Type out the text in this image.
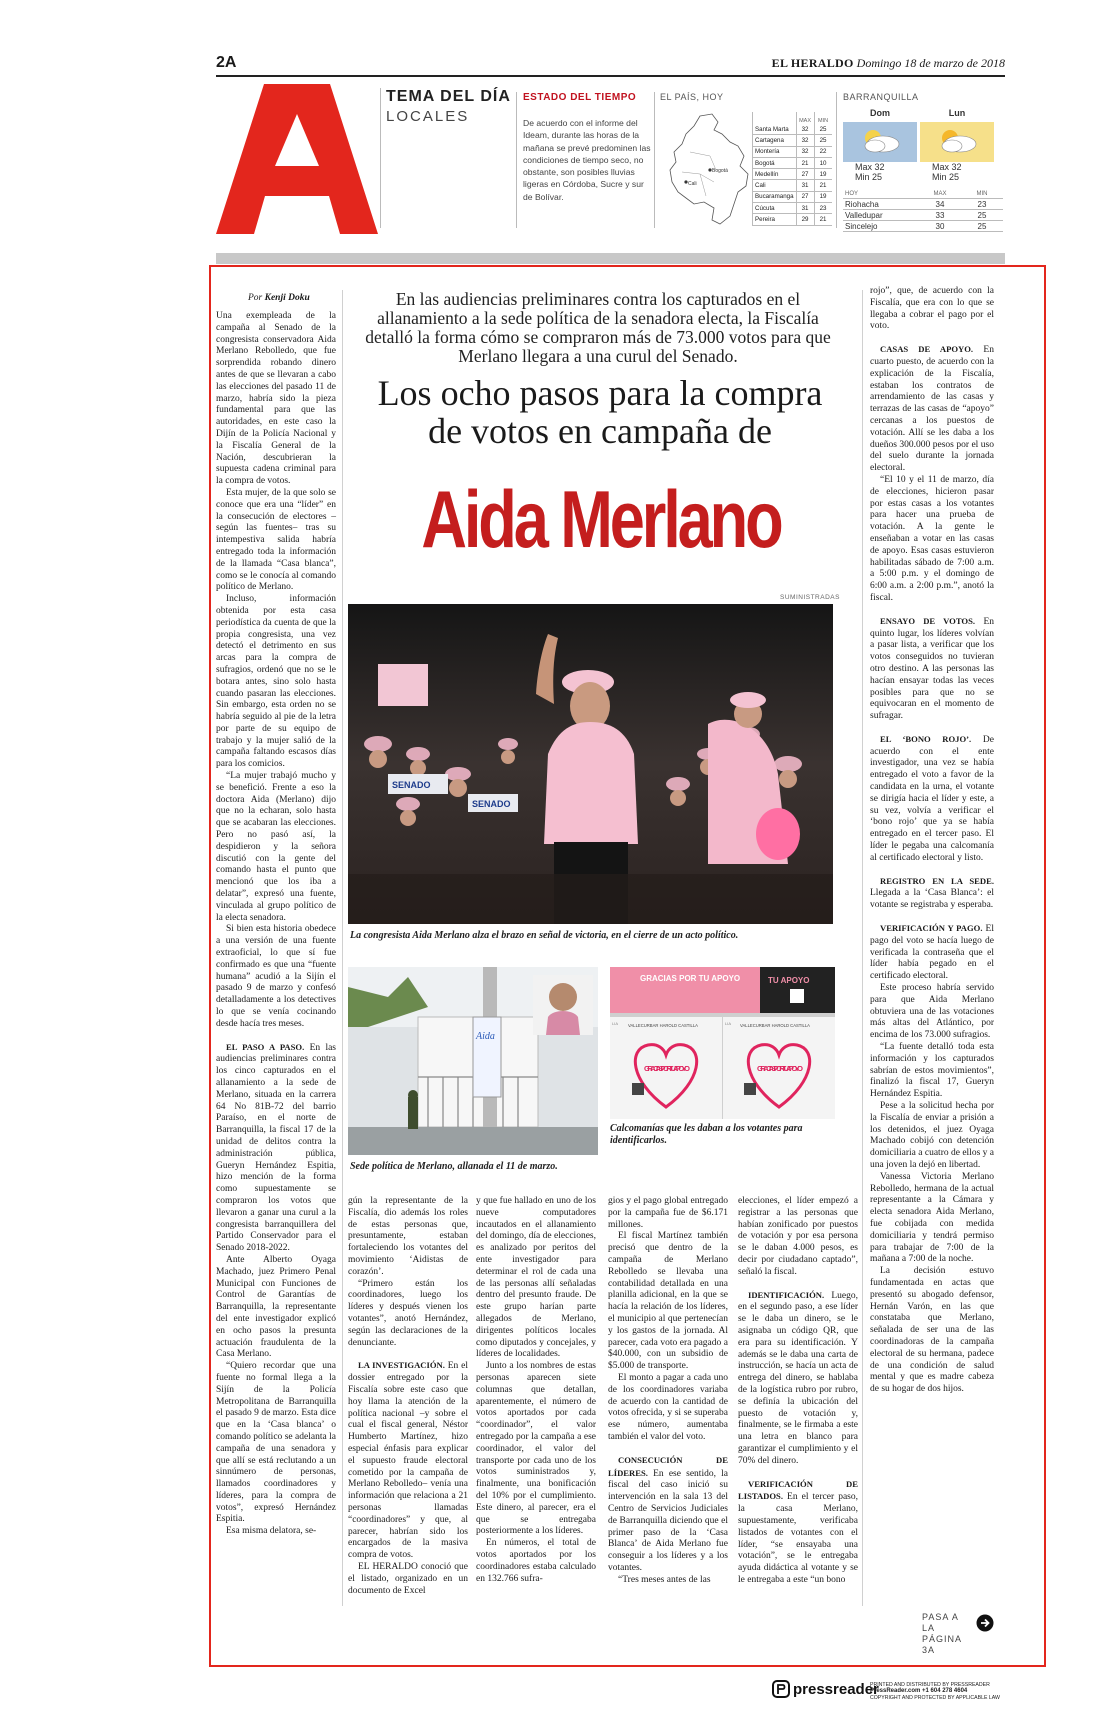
2A	EL HERALDO Domingo 18 de marzo de 2018
A
TEMA DEL DÍA
LOCALES
ESTADO DEL TIEMPO

De acuerdo con el informe del Ideam, durante las horas de la mañana se prevé predominen las condiciones de tiempo seco, no obstante, son posibles lluvias ligeras en Córdoba, Sucre y sur de Bolívar.

EL PAÍS, HOY
Bogotá
Cali
	MAX	MIN
Santa Marta	32	25
Cartagena	32	25
Montería	32	22
Bogotá	21	10
Medellín	27	19
Cali	31	21
Bucaramanga	27	19
Cúcuta	31	23
Pereira	29	21
BARRANQUILLA
Dom
Max 32
Min 25
Lun
Max 32
Min 25
HOY	MAX	MIN
Riohacha	34	23
Valledupar	33	25
Sincelejo	30	25
Por Kenji Doku	En las audiencias preliminares contra los capturados en el allanamiento a la sede política de la senadora electa, la Fiscalía detalló la forma cómo se compraron más de 73.000 votos para que Merlano llegara a una curul del Senado.
Los ocho pasos para la compra
de votos en campaña de
Aida Merlano
SUMINISTRADAS
SENADO
SENADO
La congresista Aida Merlano alza el brazo en señal de victoria, en el cierre de un acto político.
Aida
Sede política de Merlano, allanada el 11 de marzo.
GRACIAS POR TU APOYO	TU APOYO
VALLECURBAR HAROLD CASTILLA	VALLECURBAR HAROLD CASTILLA
LIA	LIA
GRACIAS POR TU APOYO	GRACIAS POR TU APOYO
Calcomanías que les daban a los votantes para identificarlos.

Una exempleada de la campaña al Senado de la congresista conservadora Aida Merlano Rebolledo, que fue sorprendida robando dinero antes de que se llevaran a cabo las elecciones del pasado 11 de marzo, habría sido la pieza fundamental para que las autoridades, en este caso la Dijín de la Policía Nacional y la Fiscalía General de la Nación, descubrieran la supuesta cadena criminal para la compra de votos.

Esta mujer, de la que solo se conoce que era una “líder” en la consecución de electores –según las fuentes– tras su intempestiva salida habría entregado toda la información de la llamada “Casa blanca”, como se le conocía al comando político de Merlano.

Incluso, información obtenida por esta casa periodística da cuenta de que la propia congresista, una vez detectó el detrimento en sus arcas para la compra de sufragios, ordenó que no se le botara antes, sino solo hasta cuando pasaran las elecciones. Sin embargo, esta orden no se habría seguido al pie de la letra por parte de su equipo de trabajo y la mujer salió de la campaña faltando escasos días para los comicios.

“La mujer trabajó mucho y se benefició. Frente a eso la doctora Aida (Merlano) dijo que no la echaran, solo hasta que se acabaran las elecciones. Pero no pasó así, la despidieron y la señora discutió con la gente del comando hasta el punto que mencionó que los iba a delatar”, expresó una fuente, vinculada al grupo político de la electa senadora.

Si bien esta historia obedece a una versión de una fuente extraoficial, lo que sí fue confirmado es que una “fuente humana” acudió a la Sijín el pasado 9 de marzo y confesó detalladamente a los detectives lo que se venía cocinando desde hacía tres meses.

EL PASO A PASO. En las audiencias preliminares contra los cinco capturados en el allanamiento a la sede de Merlano, situada en la carrera 64 No 81B-72 del barrio Paraíso, en el norte de Barranquilla, la fiscal 17 de la unidad de delitos contra la administración pública, Gueryn Hernández Espitia, hizo mención de la forma como supuestamente se compraron los votos que llevaron a ganar una curul a la congresista barranquillera del Partido Conservador para el Senado 2018-2022.

Ante Alberto Oyaga Machado, juez Primero Penal Municipal con Funciones de Control de Garantías de Barranquilla, la representante del ente investigador explicó en ocho pasos la presunta actuación fraudulenta de la Casa Merlano.

“Quiero recordar que una fuente no formal llega a la Sijín de la Policía Metropolitana de Barranquilla el pasado 9 de marzo. Esta dice que en la ‘Casa blanca’ o comando político se adelanta la campaña de una senadora y que allí se está reclutando a un sinnúmero de personas, llamados coordinadores y líderes, para la compra de votos”, expresó Hernández Espitia.

Esa misma delatora, se-

gún la representante de la Fiscalía, dio además los roles de estas personas que, presuntamente, estaban fortaleciendo los votantes del movimiento ‘Aidistas de corazón’.

“Primero están los coordinadores, luego los líderes y después vienen los votantes”, anotó Hernández, según las declaraciones de la denunciante.

LA INVESTIGACIÓN. En el dossier entregado por la Fiscalía sobre este caso que hoy llama la atención de la política nacional –y sobre el cual el fiscal general, Néstor Humberto Martínez, hizo especial énfasis para explicar el supuesto fraude electoral cometido por la campaña de Merlano Rebolledo– venía una información que relaciona a 21 personas llamadas “coordinadores” y que, al parecer, habrían sido los encargados de la masiva compra de votos.

EL HERALDO conoció que el listado, organizado en un documento de Excel

y que fue hallado en uno de los nueve computadores incautados en el allanamiento del domingo, día de elecciones, es analizado por peritos del ente investigador para determinar el rol de cada una de las personas allí señaladas dentro del presunto fraude. De este grupo harían parte allegados de Merlano, dirigentes políticos locales como diputados y concejales, y líderes de localidades.

Junto a los nombres de estas personas aparecen siete columnas que detallan, aparentemente, el número de votos aportados por cada “coordinador”, el valor entregado por la campaña a ese coordinador, el valor del transporte por cada uno de los votos suministrados y, finalmente, una bonificación del 10% por el cumplimiento. Este dinero, al parecer, era el que se entregaba posteriormente a los líderes.

En números, el total de votos aportados por los coordinadores estaba calculado en 132.766 sufra-

gios y el pago global entregado por la campaña fue de $6.171 millones.

El fiscal Martínez también precisó que dentro de la campaña de Merlano Rebolledo se llevaba una contabilidad detallada en una planilla adicional, en la que se hacía la relación de los líderes, el municipio al que pertenecían y los gastos de la jornada. Al parecer, cada voto era pagado a $40.000, con un subsidio de $5.000 de transporte.

El monto a pagar a cada uno de los coordinadores variaba de acuerdo con la cantidad de votos ofrecida, y si se superaba ese número, aumentaba también el valor del voto.

CONSECUCIÓN DE LÍDERES. En ese sentido, la fiscal del caso inició su intervención en la sala 13 del Centro de Servicios Judiciales de Barranquilla diciendo que el primer paso de la ‘Casa Blanca’ de Aida Merlano fue conseguir a los líderes y a los votantes.

“Tres meses antes de las

elecciones, el líder empezó a registrar a las personas que habían zonificado por puestos de votación y por esa persona se le daban 4.000 pesos, es decir por ciudadano captado”, señaló la fiscal.

IDENTIFICACIÓN. Luego, en el segundo paso, a ese líder se le daba un dinero, se le asignaba un código QR, que era para su identificación. Y además se le daba una carta de instrucción, se hacía un acta de entrega del dinero, se hablaba de la logística rubro por rubro, se definía la ubicación del puesto de votación y, finalmente, se le firmaba a este una letra en blanco para garantizar el cumplimiento y el 70% del dinero.

VERIFICACIÓN DE LISTADOS. En el tercer paso, la casa Merlano, supuestamente, verificaba listados de votantes con el líder, “se ensayaba una votación”, se le entregaba ayuda didáctica al votante y se le entregaba a este “un bono

rojo”, que, de acuerdo con la Fiscalía, que era con lo que se llegaba a cobrar el pago por el voto.

CASAS DE APOYO. En cuarto puesto, de acuerdo con la explicación de la Fiscalía, estaban los contratos de arrendamiento de las casas y terrazas de las casas de “apoyo” cercanas a los puestos de votación. Allí se les daba a los dueños 300.000 pesos por el uso del suelo durante la jornada electoral.

“El 10 y el 11 de marzo, día de elecciones, hicieron pasar por estas casas a los votantes para hacer una prueba de votación. A la gente le enseñaban a votar en las casas de apoyo. Esas casas estuvieron habilitadas sábado de 7:00 a.m. a 5:00 p.m. y el domingo de 6:00 a.m. a 2:00 p.m.”, anotó la fiscal.

ENSAYO DE VOTOS. En quinto lugar, los líderes volvían a pasar lista, a verificar que los votos conseguidos no tuvieran otro destino. A las personas las hacían ensayar todas las veces posibles para que no se equivocaran en el momento de sufragar.

EL ‘BONO ROJO’. De acuerdo con el ente investigador, una vez se había entregado el voto a favor de la candidata en la urna, el votante se dirigía hacia el líder y este, a su vez, volvía a verificar el ‘bono rojo’ que ya se había entregado en el tercer paso. El líder le pegaba una calcomanía al certificado electoral y listo.

REGISTRO EN LA SEDE. Llegada a la ‘Casa Blanca’: el votante se registraba y esperaba.

VERIFICACIÓN Y PAGO. El pago del voto se hacía luego de verificada la contraseña que el líder había pegado en el certificado electoral.

Este proceso habría servido para que Aida Merlano obtuviera una de las votaciones más altas del Atlántico, por encima de los 73.000 sufragios.

“La fuente detalló toda esta información y los capturados sabrían de estos movimientos”, finalizó la fiscal 17, Gueryn Hernández Espitia.

Pese a la solicitud hecha por la Fiscalía de enviar a prisión a los detenidos, el juez Oyaga Machado cobijó con detención domiciliaria a cuatro de ellos y a una joven la dejó en libertad.

Vanessa Victoria Merlano Rebolledo, hermana de la actual representante a la Cámara y electa senadora Aida Merlano, fue cobijada con medida domiciliaria y tendrá permiso para trabajar de 7:00 de la mañana a 7:00 de la noche.

La decisión estuvo fundamentada en actas que presentó su abogado defensor, Hernán Varón, en las que constataba que Merlano, señalada de ser una de las coordinadoras de la campaña electoral de su hermana, padece de una condición de salud mental y que es madre cabeza de su hogar de dos hijos.

PASA A LA PÁGINA 3A
pressreader
PRINTED AND DISTRIBUTED BY PRESSREADER
PressReader.com +1 604 278 4604
COPYRIGHT AND PROTECTED BY APPLICABLE LAW
